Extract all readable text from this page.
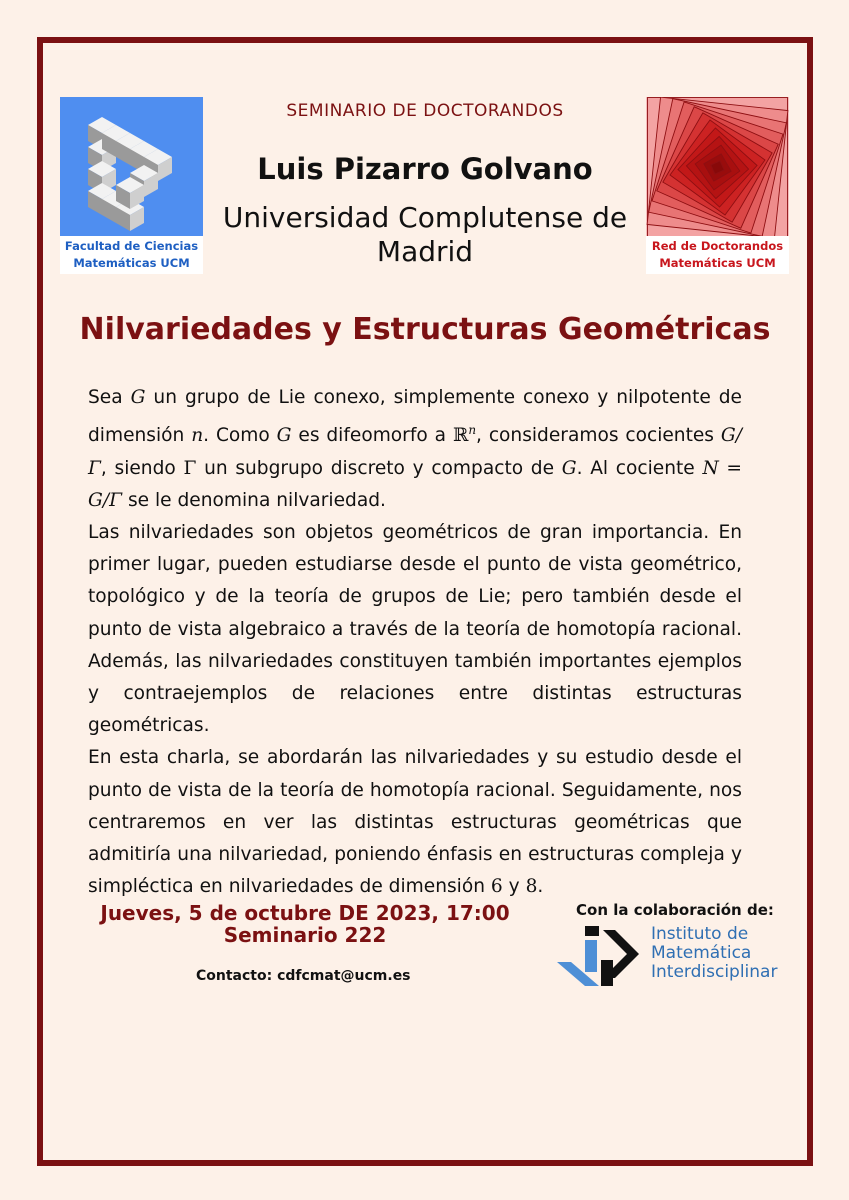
Facultad de Ciencias
Matemáticas UCM
Red de Doctorandos
Matemáticas UCM
SEMINARIO DE DOCTORANDOS
Luis Pizarro Golvano
Universidad Complutense de Madrid
Nilvariedades y Estructuras Geométricas

Sea G un grupo de Lie conexo, simplemente conexo y nilpotente de dimensión n. Como G es difeomorfo a ℝ$^n$, consideramos cocientes G/Γ, siendo Γ un subgrupo discreto y compacto de G. Al cociente N = G/Γ se le denomina nilvariedad.

Las nilvariedades son objetos geométricos de gran importancia. En primer lugar, pueden estudiarse desde el punto de vista geométrico, topológico y de la teoría de grupos de Lie; pero también desde el punto de vista algebraico a través de la teoría de homotopía racional. Además, las nilvariedades constituyen también importantes ejemplos y contraejemplos de relaciones entre distintas estructuras geométricas.

En esta charla, se abordarán las nilvariedades y su estudio desde el punto de vista de la teoría de homotopía racional. Seguidamente, nos centraremos en ver las distintas estructuras geométricas que admitiría una nilvariedad, poniendo énfasis en estructuras compleja y simpléctica en nilvariedades de dimensión 6 y 8.

Jueves, 5 de octubre DE 2023, 17:00
Seminario 222
Contacto: cdfcmat@ucm.es
Con la colaboración de:
Instituto de
Matemática
Interdisciplinar
